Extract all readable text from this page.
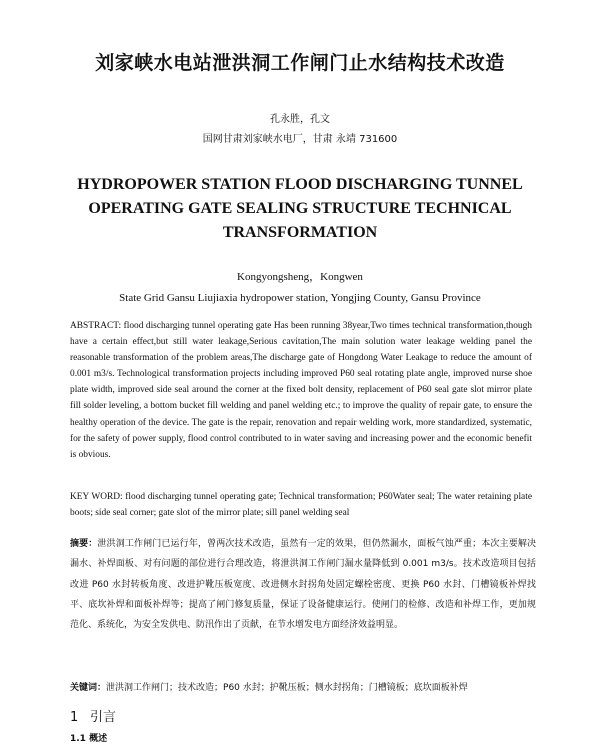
刘家峡水电站泄洪洞工作闸门止水结构技术改造
孔永胜，孔文
国网甘肃刘家峡水电厂，甘肃 永靖 731600
HYDROPOWER STATION FLOOD DISCHARGING TUNNEL OPERATING GATE SEALING STRUCTURE TECHNICAL TRANSFORMATION
Kongyongsheng，Kongwen
State Grid Gansu Liujiaxia hydropower station, Yongjing County, Gansu Province
ABSTRACT: flood discharging tunnel operating gate Has been running 38year,Two times technical transformation,though have a certain effect,but still water leakage,Serious cavitation,The main solution water leakage welding panel the reasonable transformation of the problem areas,The discharge gate of Hongdong Water Leakage to reduce the amount of 0.001 m3/s. Technological transformation projects including improved P60 seal rotating plate angle, improved nurse shoe plate width, improved side seal around the corner at the fixed bolt density, replacement of P60 seal gate slot mirror plate fill solder leveling, a bottom bucket fill welding and panel welding etc.; to improve the quality of repair gate, to ensure the healthy operation of the device. The gate is the repair, renovation and repair welding work, more standardized, systematic, for the safety of power supply, flood control contributed to in water saving and increasing power and the economic benefit is obvious.
KEY WORD: flood discharging tunnel operating gate; Technical transformation; P60Water seal; The water retaining plate boots; side seal corner; gate slot of the mirror plate; sill panel welding seal
摘要：泄洪洞工作闸门已运行年，曾两次技术改造，虽然有一定的效果，但仍然漏水，面板气蚀严重；本次主要解决漏水、补焊面板、对有问题的部位进行合理改造，将泄洪洞工作闸门漏水量降低到 0.001 m3/s。技术改造项目包括改进 P60 水封转板角度、改进护靴压板宽度、改进侧水封拐角处固定螺栓密度、更换 P60 水封、门槽镜板补焊找平、底坎补焊和面板补焊等；提高了闸门修复质量，保证了设备健康运行。使闸门的检修、改造和补焊工作，更加规范化、系统化，为安全发供电、防汛作出了贡献，在节水增发电方面经济效益明显。
关键词：泄洪洞工作闸门；技术改造；P60 水封；护靴压板；侧水封拐角；门槽镜板；底坎面板补焊
1 引言
1.1 概述
